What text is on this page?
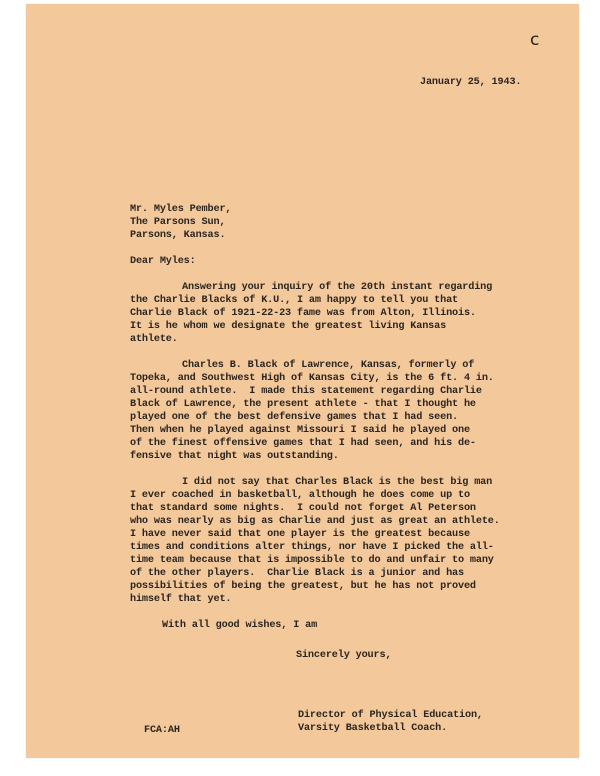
c
January 25, 1943.
Mr. Myles Pember,
The Parsons Sun,
Parsons, Kansas.
Dear Myles:
Answering your inquiry of the 20th instant regarding
the Charlie Blacks of K.U., I am happy to tell you that
Charlie Black of 1921-22-23 fame was from Alton, Illinois.
It is he whom we designate the greatest living Kansas
athlete.
Charles B. Black of Lawrence, Kansas, formerly of
Topeka, and Southwest High of Kansas City, is the 6 ft. 4 in.
all-round athlete.  I made this statement regarding Charlie
Black of Lawrence, the present athlete - that I thought he
played one of the best defensive games that I had seen.
Then when he played against Missouri I said he played one
of the finest offensive games that I had seen, and his de-
fensive that night was outstanding.
I did not say that Charles Black is the best big man
I ever coached in basketball, although he does come up to
that standard some nights.  I could not forget Al Peterson
who was nearly as big as Charlie and just as great an athlete.
I have never said that one player is the greatest because
times and conditions alter things, nor have I picked the all-
time team because that is impossible to do and unfair to many
of the other players.  Charlie Black is a junior and has
possibilities of being the greatest, but he has not proved
himself that yet.
With all good wishes, I am
Sincerely yours,
Director of Physical Education,
Varsity Basketball Coach.
FCA:AH
